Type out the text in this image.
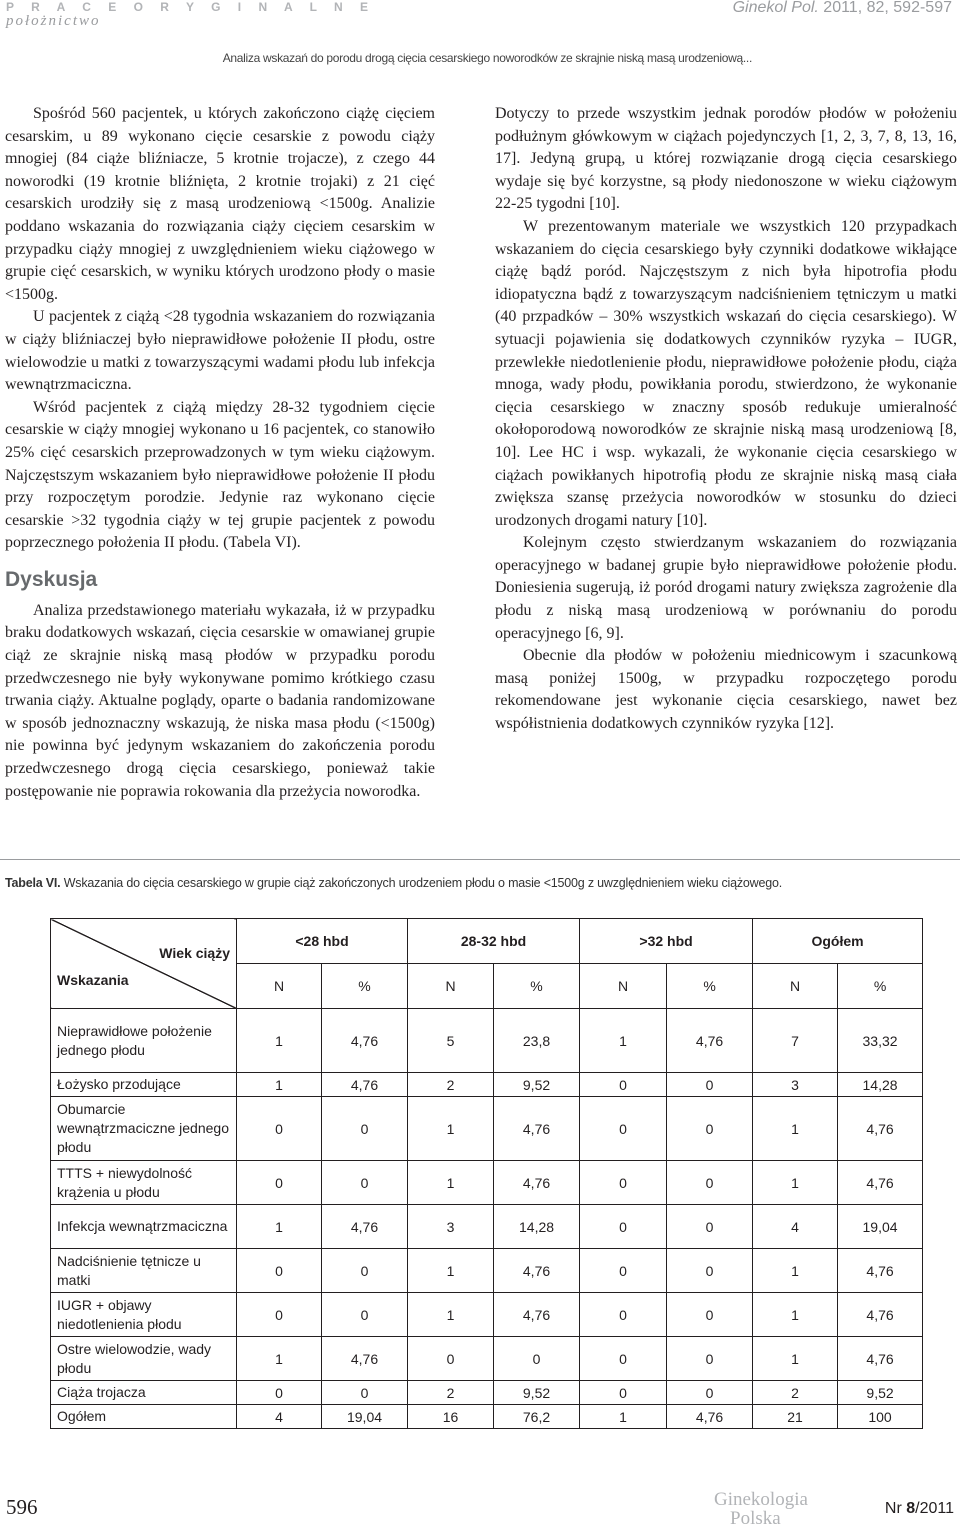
P R A C E O R Y G I N A L N E
położnictwo
Ginekol Pol. 2011, 82, 592-597
Analiza wskazań do porodu drogą cięcia cesarskiego noworodków ze skrajnie niską masą urodzeniową...

Spośród 560 pacjentek, u których zakończono ciążę cięciem cesarskim, u 89 wykonano cięcie cesarskie z powodu ciąży mnogiej (84 ciąże bliźniacze, 5 krotnie trojacze), z czego 44 noworodki (19 krotnie bliźnięta, 2 krotnie trojaki) z 21 cięć cesarskich urodziły się z masą urodzeniową <1500g. Analizie poddano wskazania do rozwiązania ciąży cięciem cesarskim w przypadku ciąży mnogiej z uwzględnieniem wieku ciążowego w grupie cięć cesarskich, w wyniku których urodzono płody o masie <1500g.

U pacjentek z ciążą <28 tygodnia wskazaniem do rozwiązania w ciąży bliźniaczej było nieprawidłowe położenie II płodu, ostre wielowodzie u matki z towarzyszącymi wadami płodu lub infekcja wewnątrzmaciczna.

Wśród pacjentek z ciążą między 28-32 tygodniem cięcie cesarskie w ciąży mnogiej wykonano u 16 pacjentek, co stanowiło 25% cięć cesarskich przeprowadzonych w tym wieku ciążowym. Najczęstszym wskazaniem było nieprawidłowe położenie II płodu przy rozpoczętym porodzie. Jedynie raz wykonano cięcie cesarskie >32 tygodnia ciąży w tej grupie pacjentek z powodu poprzecznego położenia II płodu. (Tabela VI).

Dyskusja

Analiza przedstawionego materiału wykazała, iż w przypadku braku dodatkowych wskazań, cięcia cesarskie w omawianej grupie ciąż ze skrajnie niską masą płodów w przypadku porodu przedwczesnego nie były wykonywane pomimo krótkiego czasu trwania ciąży. Aktualne poglądy, oparte o badania randomizowane w sposób jednoznaczny wskazują, że niska masa płodu (<1500g) nie powinna być jedynym wskazaniem do zakończenia porodu przedwczesnego drogą cięcia cesarskiego, ponieważ takie postępowanie nie poprawia rokowania dla przeżycia noworodka.

Dotyczy to przede wszystkim jednak porodów płodów w położeniu podłużnym główkowym w ciążach pojedynczych [1, 2, 3, 7, 8, 13, 16, 17]. Jedyną grupą, u której rozwiązanie drogą cięcia cesarskiego wydaje się być korzystne, są płody niedonoszone w wieku ciążowym 22-25 tygodni [10].

W prezentowanym materiale we wszystkich 120 przypadkach wskazaniem do cięcia cesarskiego były czynniki dodatkowe wikłające ciążę bądź poród. Najczęstszym z nich była hipotrofia płodu idiopatyczna bądź z towarzyszącym nadciśnieniem tętniczym u matki (40 przpadków – 30% wszystkich wskazań do cięcia cesarskiego). W sytuacji pojawienia się dodatkowych czynników ryzyka – IUGR, przewlekłe niedotlenienie płodu, nieprawidłowe położenie płodu, ciąża mnoga, wady płodu, powikłania porodu, stwierdzono, że wykonanie cięcia cesarskiego w znaczny sposób redukuje umieralność okołoporodową noworodków ze skrajnie niską masą urodzeniową [8, 10]. Lee HC i wsp. wykazali, że wykonanie cięcia cesarskiego w ciążach powikłanych hipotrofią płodu ze skrajnie niską masą ciała zwiększa szansę przeżycia noworodków w stosunku do dzieci urodzonych drogami natury [10].

Kolejnym często stwierdzanym wskazaniem do rozwiązania operacyjnego w badanej grupie było nieprawidłowe położenie płodu. Doniesienia sugerują, iż poród drogami natury zwiększa zagrożenie dla płodu z niską masą urodzeniową w porównaniu do porodu operacyjnego [6, 9].

Obecnie dla płodów w położeniu miednicowym i szacunkową masą poniżej 1500g, w przypadku rozpoczętego porodu rekomendowane jest wykonanie cięcia cesarskiego, nawet bez współistnienia dodatkowych czynników ryzyka [12].

Tabela VI. Wskazania do cięcia cesarskiego w grupie ciąż zakończonych urodzeniem płodu o masie <1500g z uwzględnieniem wieku ciążowego.
Wiek ciąży
Wskazania	<28 hbd		28-32 hbd		>32 hbd		Ogółem	
	N	%	N	%	N	%	N	%
Nieprawidłowe położenie jednego płodu	1	4,76	5	23,8	1	4,76	7	33,32
Łożysko przodujące	1	4,76	2	9,52	0	0	3	14,28
Obumarcie wewnątrzmaciczne jednego płodu	0	0	1	4,76	0	0	1	4,76
TTTS + niewydolność krążenia u płodu	0	0	1	4,76	0	0	1	4,76
Infekcja wewnątrzmaciczna	1	4,76	3	14,28	0	0	4	19,04
Nadciśnienie tętnicze u matki	0	0	1	4,76	0	0	1	4,76
IUGR + objawy niedotlenienia płodu	0	0	1	4,76	0	0	1	4,76
Ostre wielowodzie, wady płodu	1	4,76	0	0	0	0	1	4,76
Ciąża trojacza	0	0	2	9,52	0	0	2	9,52
Ogółem	4	19,04	16	76,2	1	4,76	21	100
596	Ginekologia
Polska	Nr 8/2011
